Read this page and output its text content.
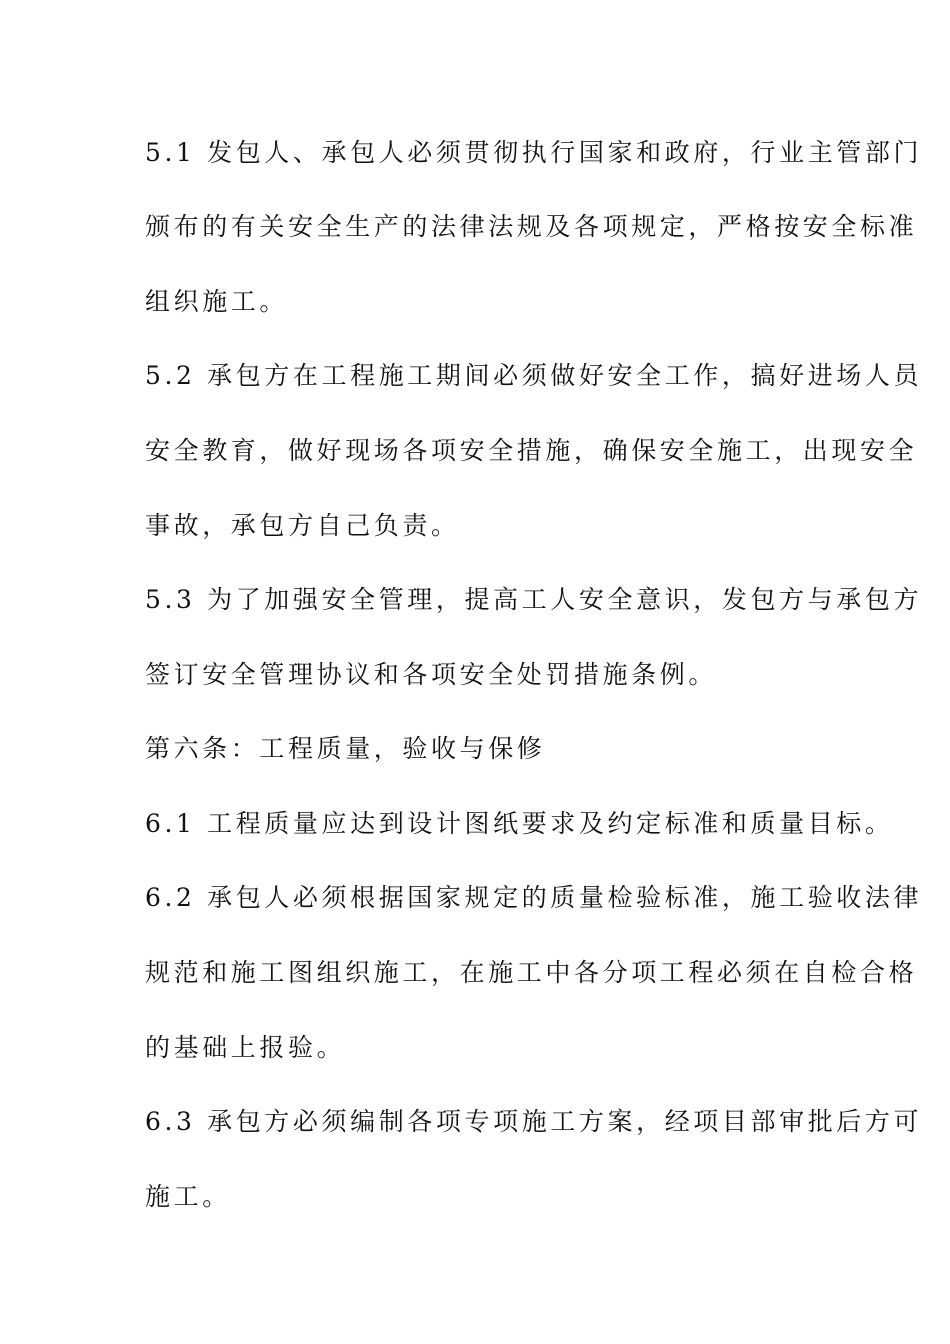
5.1 发包人、承包人必须贯彻执行国家和政府，行业主管部门
颁布的有关安全生产的法律法规及各项规定，严格按安全标准
组织施工。
5.2 承包方在工程施工期间必须做好安全工作，搞好进场人员
安全教育，做好现场各项安全措施，确保安全施工，出现安全
事故，承包方自己负责。
5.3 为了加强安全管理，提高工人安全意识，发包方与承包方
签订安全管理协议和各项安全处罚措施条例。
第六条：工程质量，验收与保修
6.1 工程质量应达到设计图纸要求及约定标准和质量目标。
6.2 承包人必须根据国家规定的质量检验标准，施工验收法律
规范和施工图组织施工，在施工中各分项工程必须在自检合格
的基础上报验。
6.3 承包方必须编制各项专项施工方案，经项目部审批后方可
施工。
